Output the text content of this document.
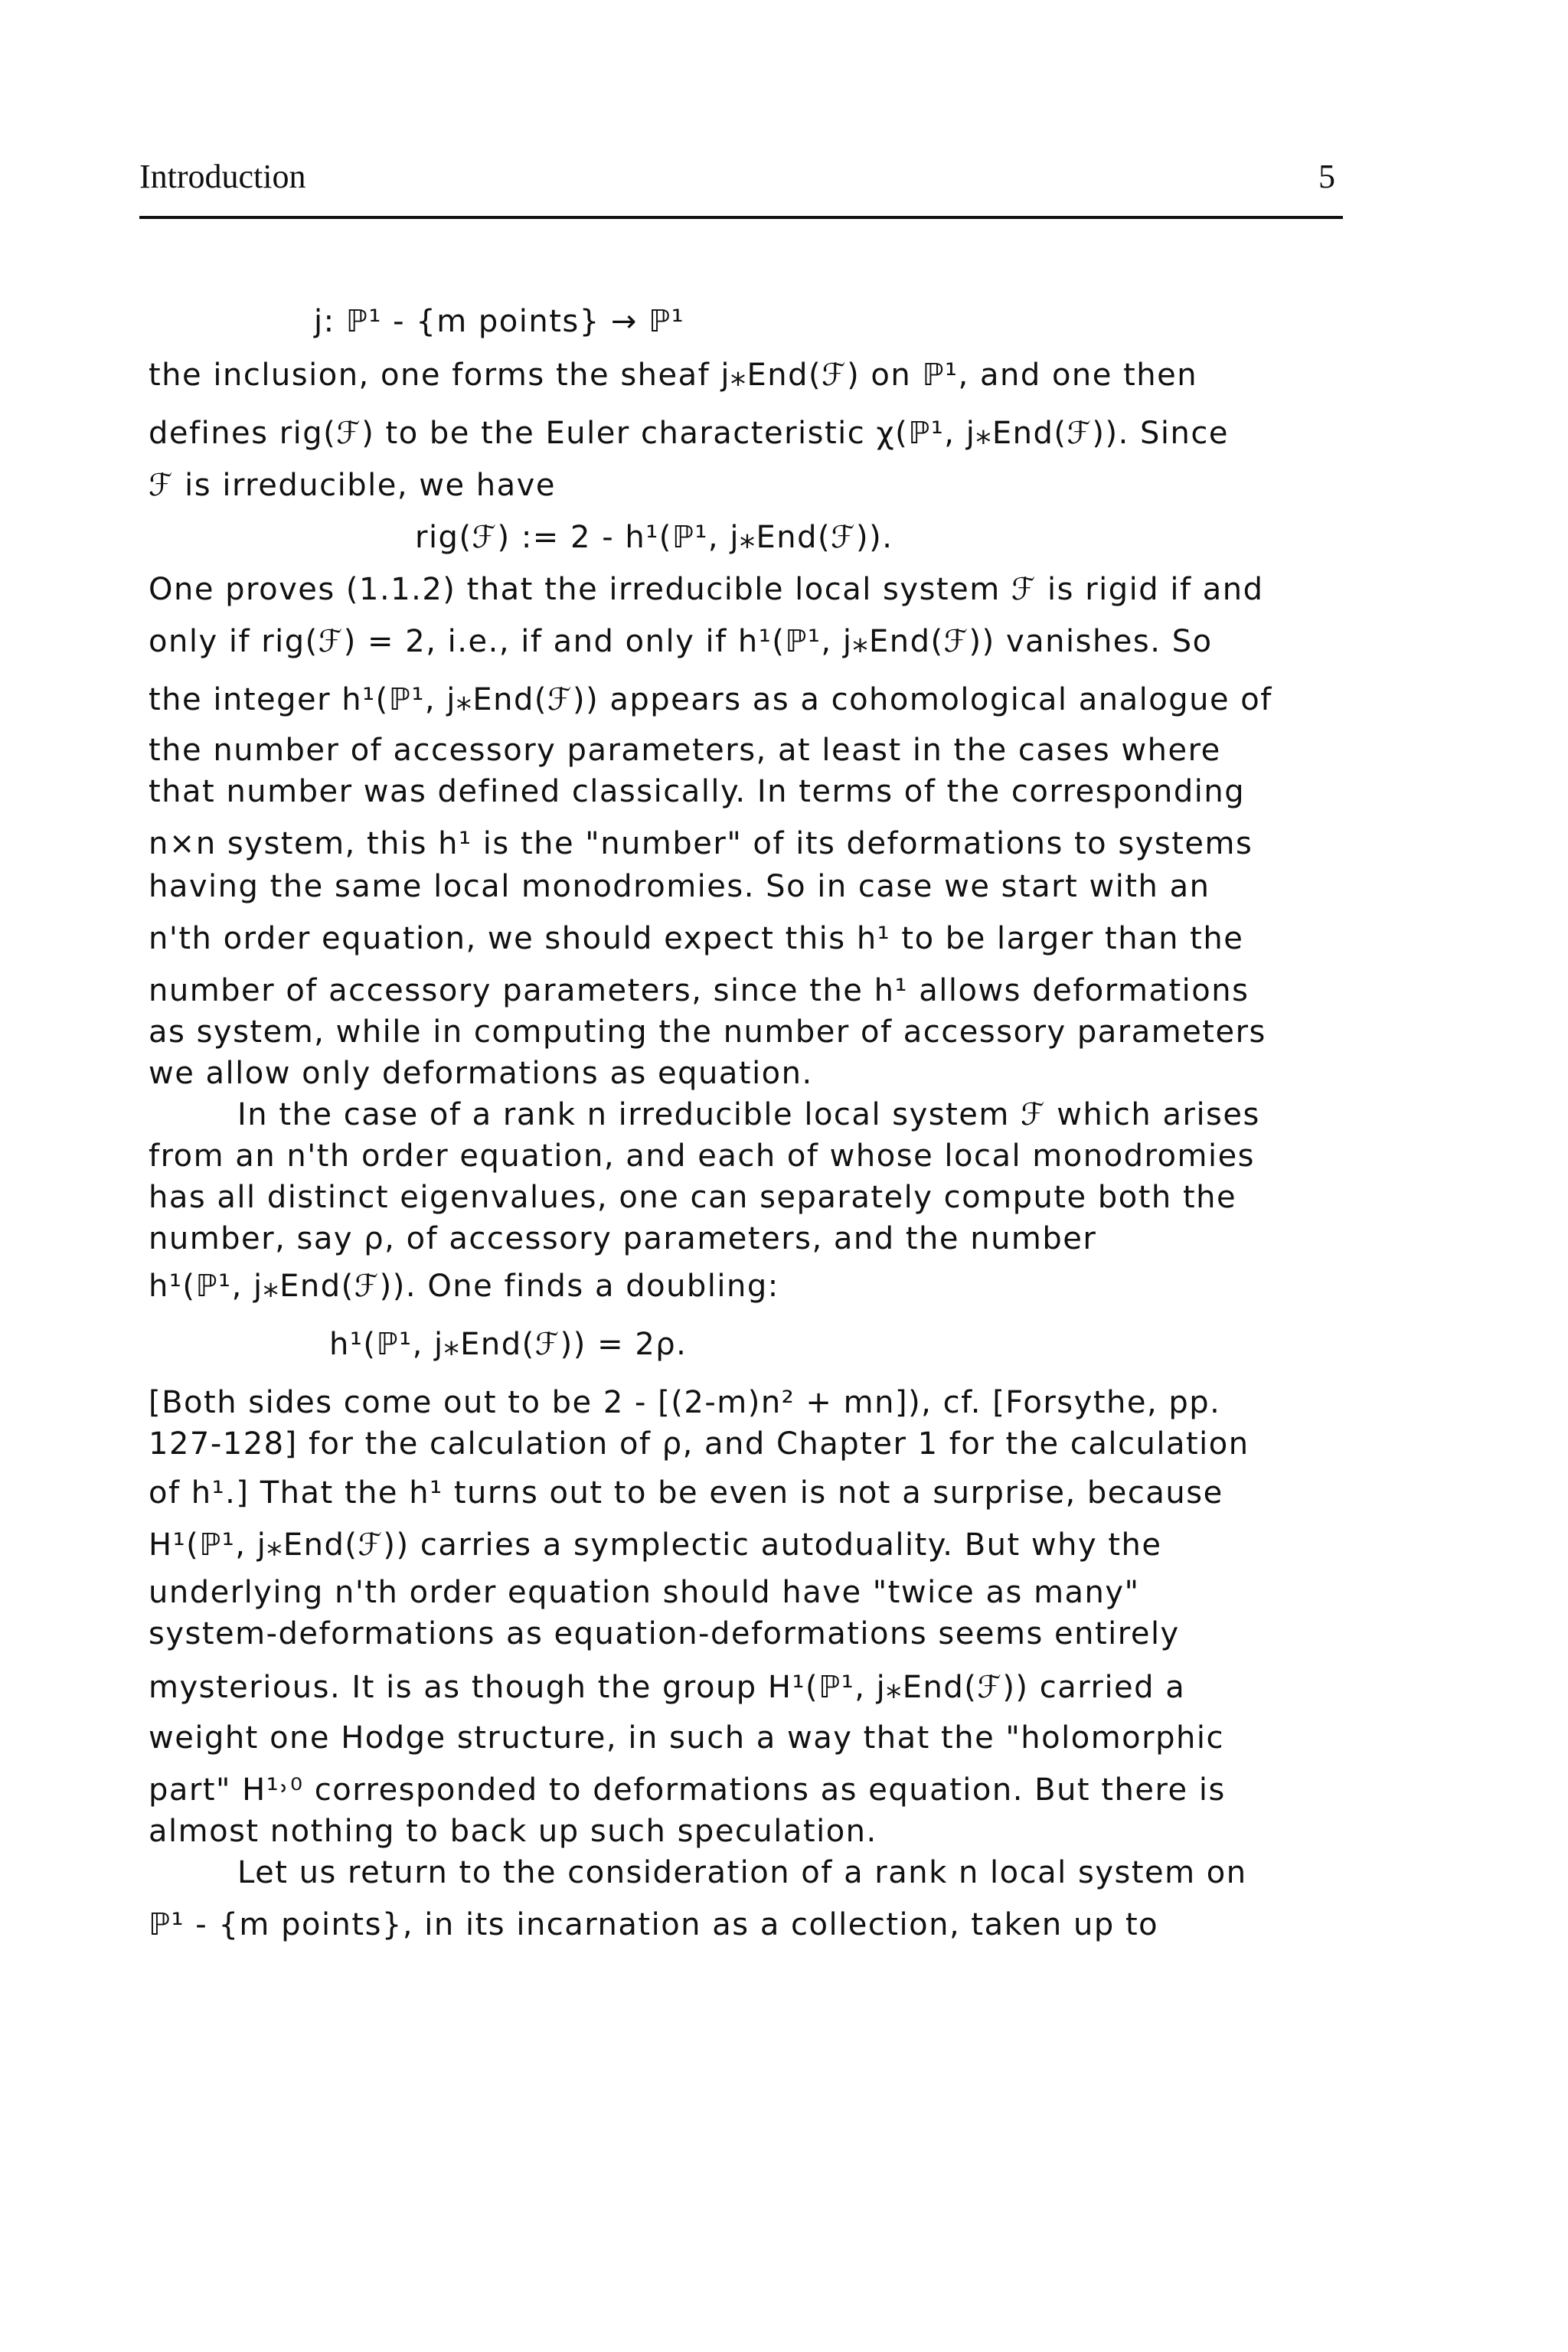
Introduction	5
j: ℙ¹ - {m points} → ℙ¹
the inclusion, one forms the sheaf j⁎End(ℱ) on ℙ¹, and one then
defines rig(ℱ) to be the Euler characteristic χ(ℙ¹, j⁎End(ℱ)). Since
ℱ is irreducible, we have
rig(ℱ) := 2 - h¹(ℙ¹, j⁎End(ℱ)).
One proves (1.1.2) that the irreducible local system ℱ is rigid if and
only if rig(ℱ) = 2, i.e., if and only if h¹(ℙ¹, j⁎End(ℱ)) vanishes. So
the integer h¹(ℙ¹, j⁎End(ℱ)) appears as a cohomological analogue of
the number of accessory parameters, at least in the cases where
that number was defined classically. In terms of the corresponding
n×n system, this h¹ is the "number" of its deformations to systems
having the same local monodromies. So in case we start with an
n'th order equation, we should expect this h¹ to be larger than the
number of accessory parameters, since the h¹ allows deformations
as system, while in computing the number of accessory parameters
we allow only deformations as equation.
In the case of a rank n irreducible local system ℱ which arises
from an n'th order equation, and each of whose local monodromies
has all distinct eigenvalues, one can separately compute both the
number, say ρ, of accessory parameters, and the number
h¹(ℙ¹, j⁎End(ℱ)). One finds a doubling:
h¹(ℙ¹, j⁎End(ℱ)) = 2ρ.
[Both sides come out to be 2 - [(2-m)n² + mn]), cf. [Forsythe, pp.
127-128] for the calculation of ρ, and Chapter 1 for the calculation
of h¹.] That the h¹ turns out to be even is not a surprise, because
H¹(ℙ¹, j⁎End(ℱ)) carries a symplectic autoduality. But why the
underlying n'th order equation should have "twice as many"
system-deformations as equation-deformations seems entirely
mysterious. It is as though the group H¹(ℙ¹, j⁎End(ℱ)) carried a
weight one Hodge structure, in such a way that the "holomorphic
part" H¹˒⁰ corresponded to deformations as equation. But there is
almost nothing to back up such speculation.
Let us return to the consideration of a rank n local system on
ℙ¹ - {m points}, in its incarnation as a collection, taken up to
